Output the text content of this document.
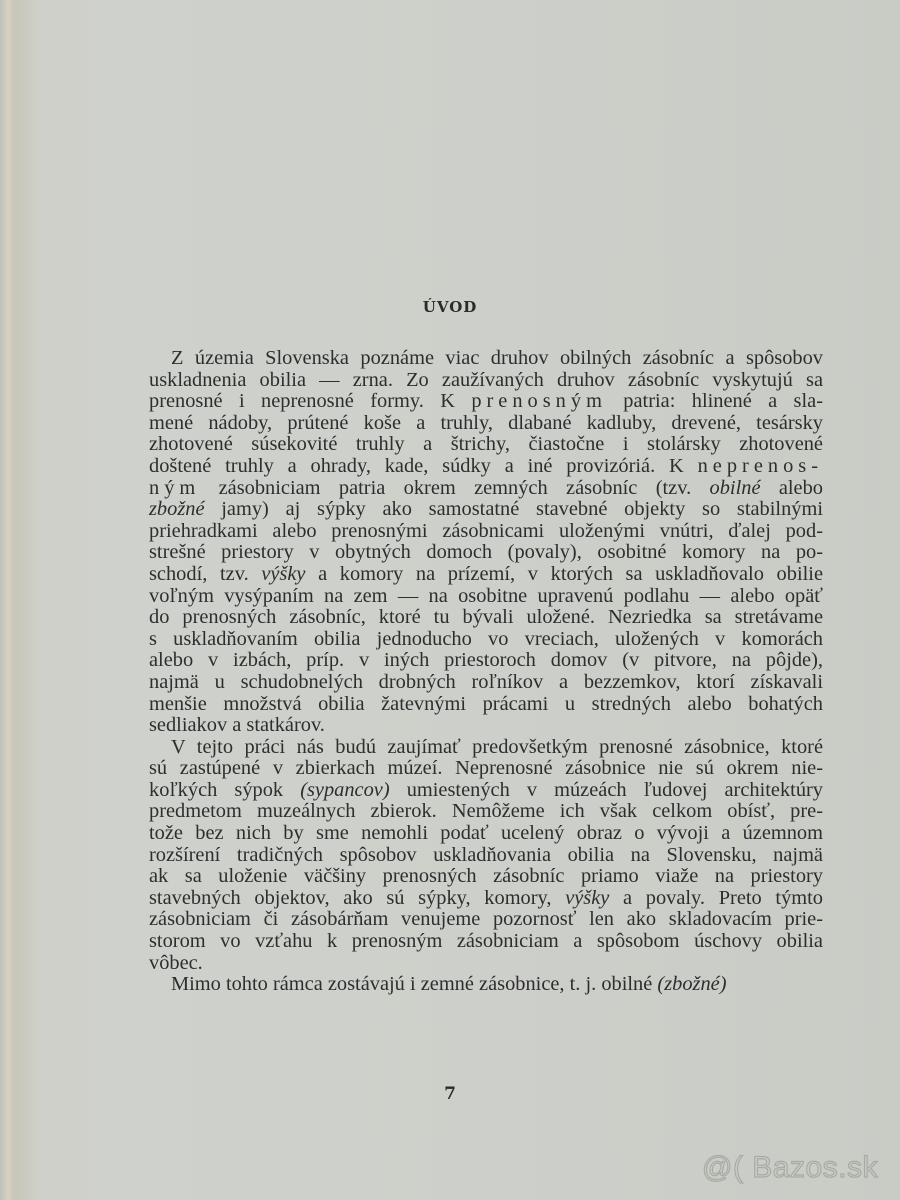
ÚVOD
Z územia Slovenska poznáme viac druhov obilných zásobníc a spôsobov
uskladnenia obilia — zrna. Zo zaužívaných druhov zásobníc vyskytujú sa
prenosné i neprenosné formy. K prenosným patria: hlinené a sla-
mené nádoby, prútené koše a truhly, dlabané kadluby, drevené, tesársky
zhotovené súsekovité truhly a štrichy, čiastočne i stolársky zhotovené
doštené truhly a ohrady, kade, súdky a iné provizóriá. K neprenos-
ným zásobniciam patria okrem zemných zásobníc (tzv. obilné alebo
zbožné jamy) aj sýpky ako samostatné stavebné objekty so stabilnými
priehradkami alebo prenosnými zásobnicami uloženými vnútri, ďalej pod-
strešné priestory v obytných domoch (povaly), osobitné komory na po-
schodí, tzv. výšky a komory na prízemí, v ktorých sa uskladňovalo obilie
voľným vysýpaním na zem — na osobitne upravenú podlahu — alebo opäť
do prenosných zásobníc, ktoré tu bývali uložené. Nezriedka sa stretávame
s uskladňovaním obilia jednoducho vo vreciach, uložených v komorách
alebo v izbách, príp. v iných priestoroch domov (v pitvore, na pôjde),
najmä u schudobnelých drobných roľníkov a bezzemkov, ktorí získavali
menšie množstvá obilia žatevnými prácami u stredných alebo bohatých
sedliakov a statkárov.
V tejto práci nás budú zaujímať predovšetkým prenosné zásobnice, ktoré
sú zastúpené v zbierkach múzeí. Neprenosné zásobnice nie sú okrem nie-
koľkých sýpok (sypancov) umiestených v múzeách ľudovej architektúry
predmetom muzeálnych zbierok. Nemôžeme ich však celkom obísť, pre-
tože bez nich by sme nemohli podať ucelený obraz o vývoji a územnom
rozšírení tradičných spôsobov uskladňovania obilia na Slovensku, najmä
ak sa uloženie väčšiny prenosných zásobníc priamo viaže na priestory
stavebných objektov, ako sú sýpky, komory, výšky a povaly. Preto týmto
zásobniciam či zásobárňam venujeme pozornosť len ako skladovacím prie-
storom vo vzťahu k prenosným zásobniciam a spôsobom úschovy obilia
vôbec.
Mimo tohto rámca zostávajú i zemné zásobnice, t. j. obilné (zbožné)
7
@( Bazos.sk
